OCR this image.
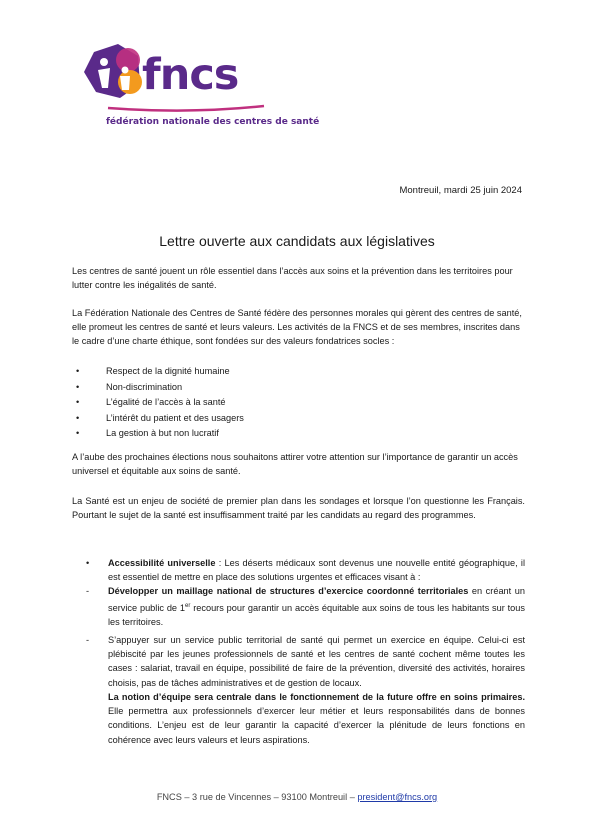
fncs
fédération nationale des centres de santé
Montreuil, mardi 25 juin 2024
Lettre ouverte aux candidats aux législatives

Les centres de santé jouent un rôle essentiel dans l’accès aux soins et la prévention dans les territoires pour lutter contre les inégalités de santé.

La Fédération Nationale des Centres de Santé fédère des personnes morales qui gèrent des centres de santé, elle promeut les centres de santé et leurs valeurs. Les activités de la FNCS et de ses membres, inscrites dans le cadre d’une charte éthique, sont fondées sur des valeurs fondatrices socles :

• Respect de la dignité humaine
• Non-discrimination
• L’égalité de l’accès à la santé
• L’intérêt du patient et des usagers
• La gestion à but non lucratif

A l’aube des prochaines élections nous souhaitons attirer votre attention sur l’importance de garantir un accès universel et équitable aux soins de santé.

La Santé est un enjeu de société de premier plan dans les sondages et lorsque l’on questionne les Français. Pourtant le sujet de la santé est insuffisamment traité par les candidats au regard des programmes.

• Accessibilité universelle : Les déserts médicaux sont devenus une nouvelle entité géographique, il est essentiel de mettre en place des solutions urgentes et efficaces visant à :
- Développer un maillage national de structures d’exercice coordonné territoriales en créant un service public de 1er recours pour garantir un accès équitable aux soins de tous les habitants sur tous les territoires.
- S’appuyer sur un service public territorial de santé qui permet un exercice en équipe. Celui-ci est plébiscité par les jeunes professionnels de santé et les centres de santé cochent même toutes les cases : salariat, travail en équipe, possibilité de faire de la prévention, diversité des activités, horaires choisis, pas de tâches administratives et de gestion de locaux.
La notion d’équipe sera centrale dans le fonctionnement de la future offre en soins primaires. Elle permettra aux professionnels d’exercer leur métier et leurs responsabilités dans de bonnes conditions. L’enjeu est de leur garantir la capacité d’exercer la plénitude de leurs fonctions en cohérence avec leurs valeurs et leurs aspirations.
FNCS – 3 rue de Vincennes – 93100 Montreuil – president@fncs.org
